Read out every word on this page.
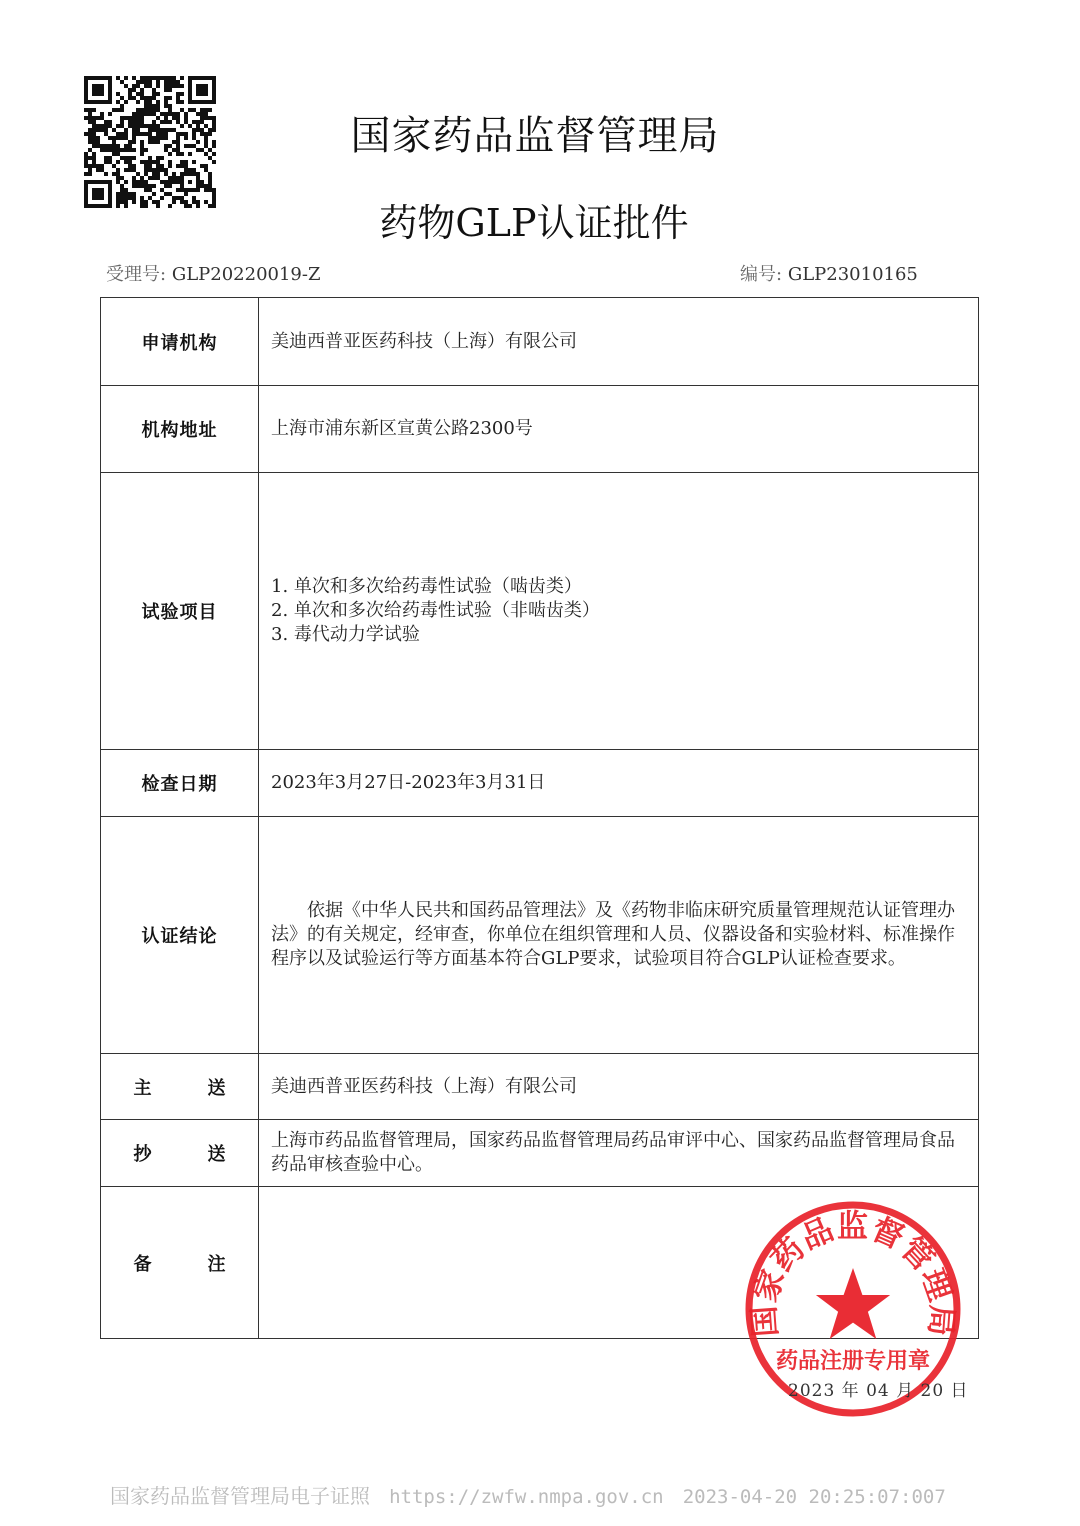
国家药品监督管理局
药物GLP认证批件
受理号: GLP20220019-Z	编号: GLP23010165
申请机构	美迪西普亚医药科技（上海）有限公司
机构地址	上海市浦东新区宣黄公路2300号
试验项目	1. 单次和多次给药毒性试验（啮齿类）
2. 单次和多次给药毒性试验（非啮齿类）
3. 毒代动力学试验

检查日期	2023年3月27日-2023年3月31日
认证结论	依据《中华人民共和国药品管理法》及《药物非临床研究质量管理规范认证管理办法》的有关规定，经审查，你单位在组织管理和人员、仪器设备和实验材料、标准操作程序以及试验运行等方面基本符合GLP要求，试验项目符合GLP认证检查要求。
主送	美迪西普亚医药科技（上海）有限公司
抄送	上海市药品监督管理局，国家药品监督管理局药品审评中心、国家药品监督管理局食品药品审核查验中心。
备注	
国家药品监督管理局
药品注册专用章
2023 年 04 月 20 日
国家药品监督管理局电子证照 https://zwfw.nmpa.gov.cn 2023-04-20 20:25:07:007
